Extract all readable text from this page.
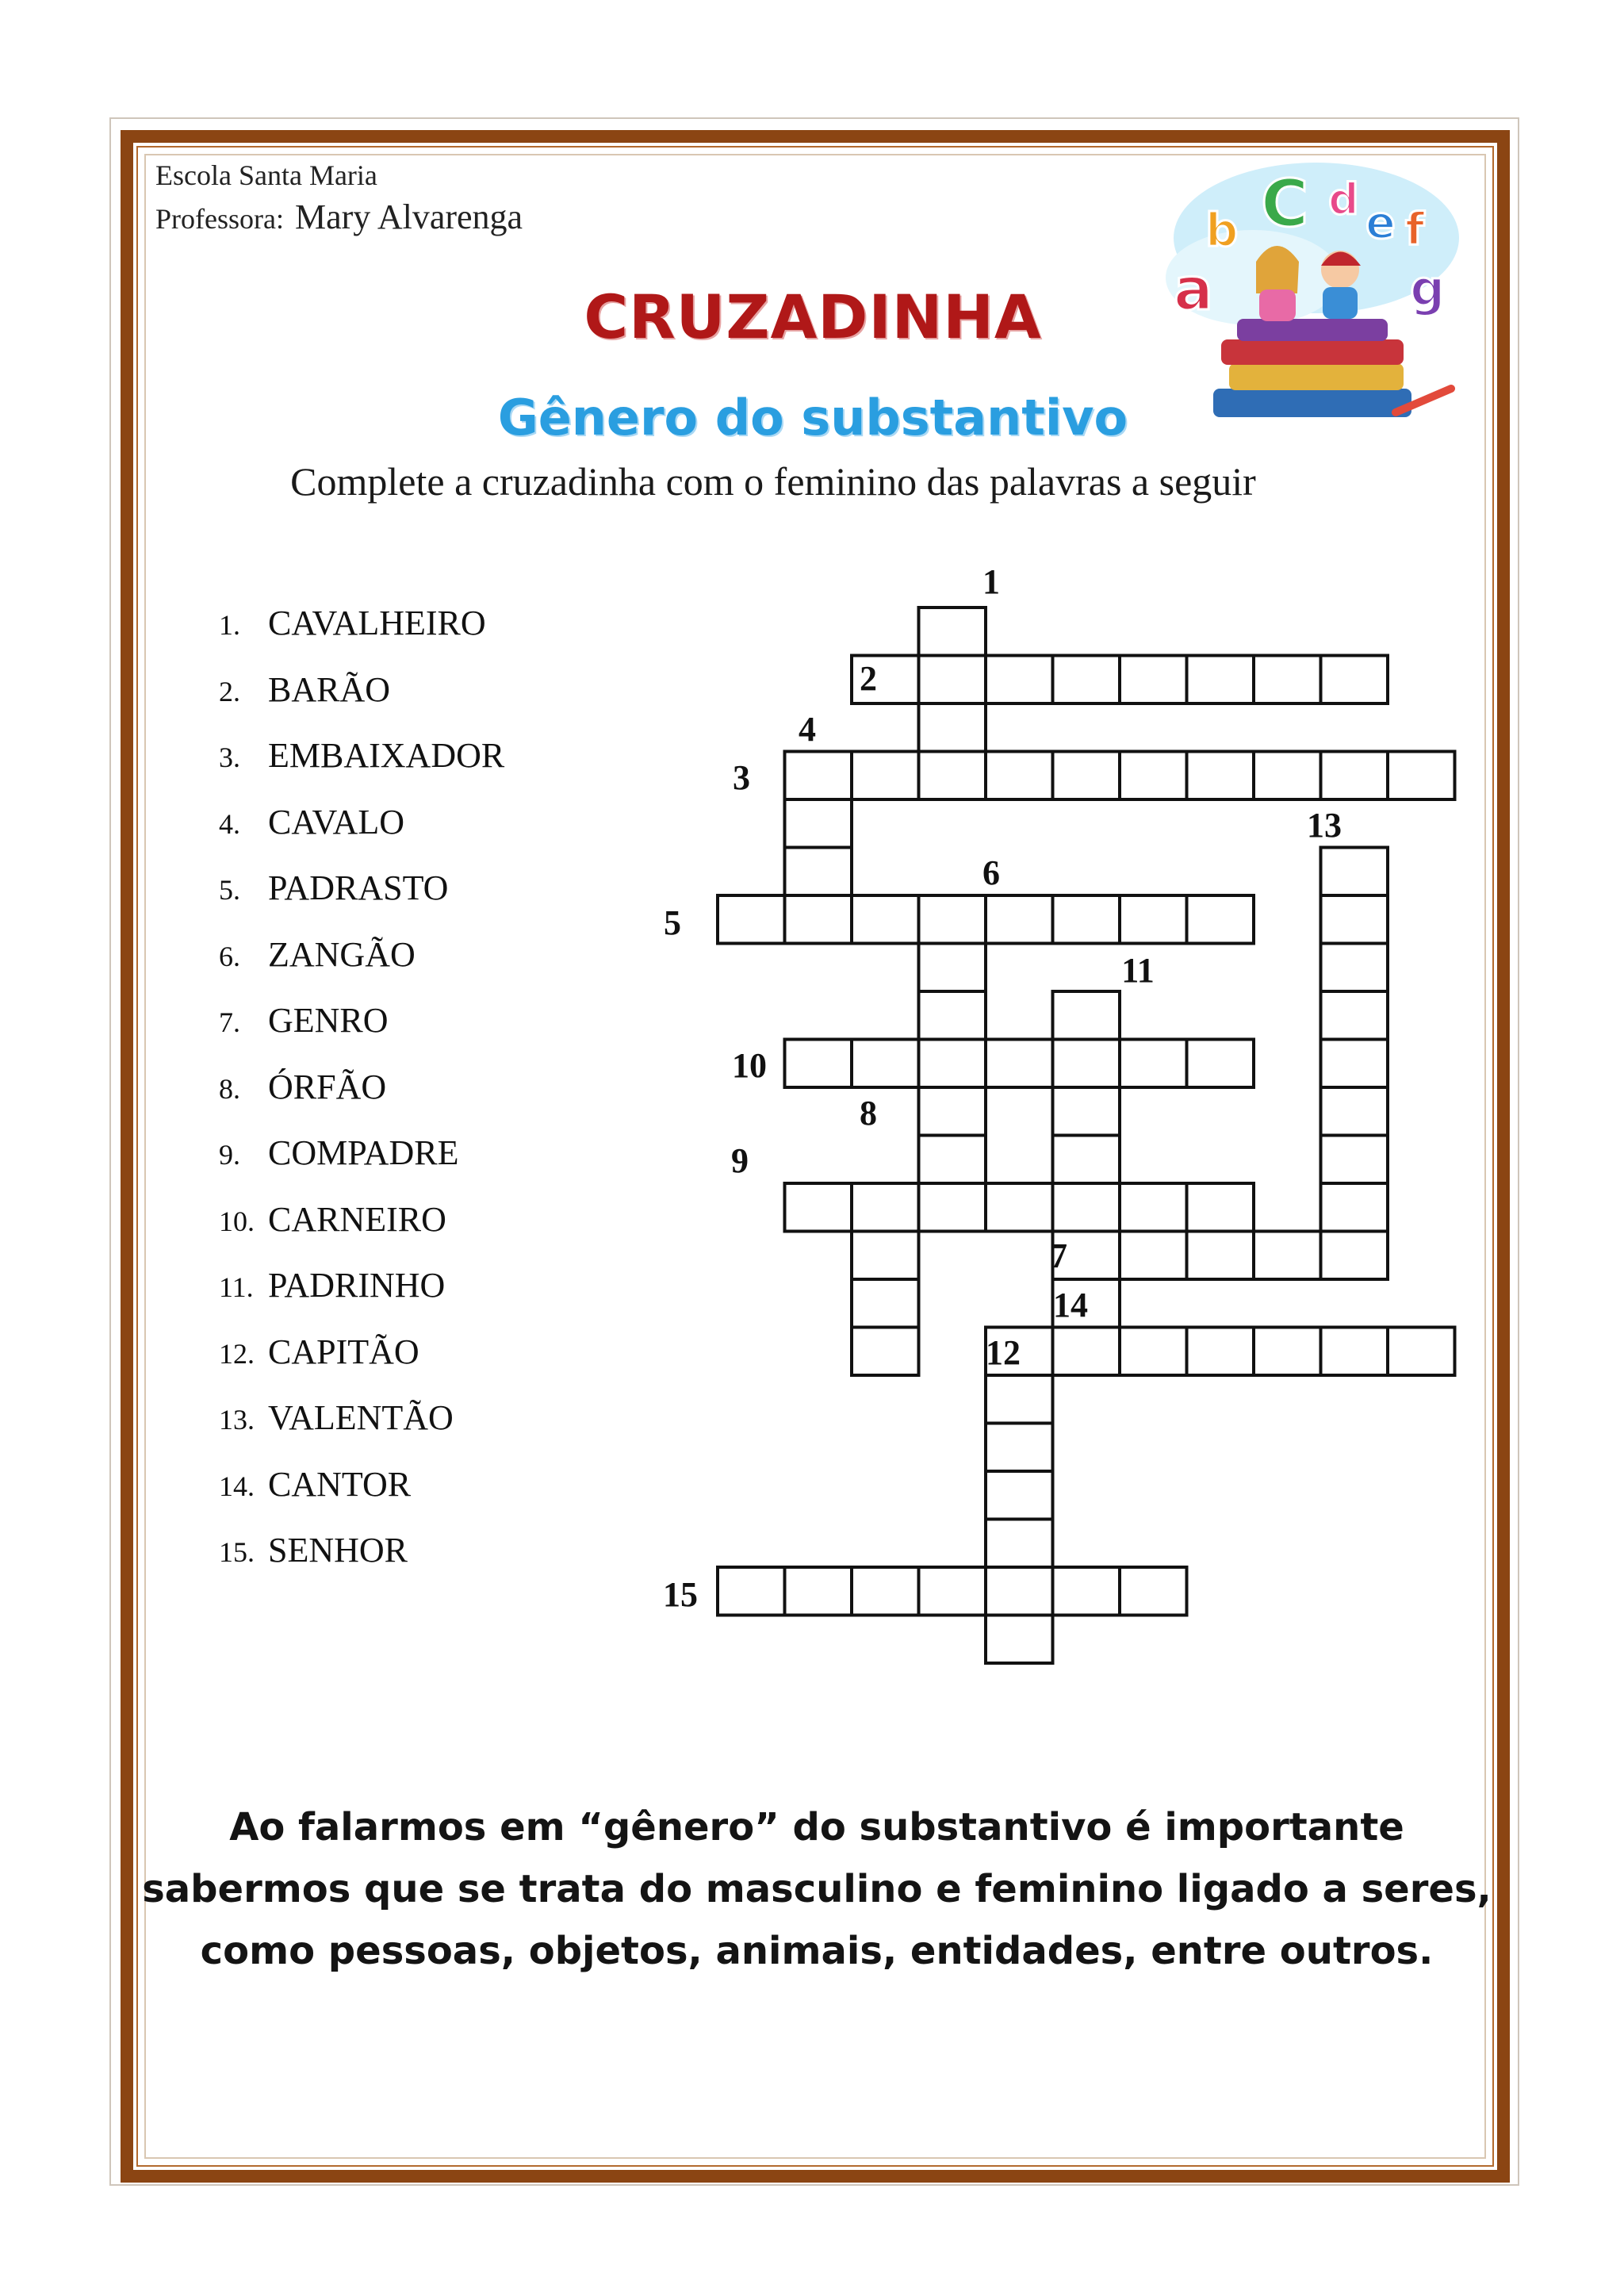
Escola Santa Maria
Professora: Mary Alvarenga
a
b C d e f
g
CRUZADINHA
Gênero do substantivo
Complete a cruzadinha com o feminino das palavras a seguir
1. CAVALHEIRO
2. BARÃO
3. EMBAIXADOR
4. CAVALO
5. PADRASTO
6. ZANGÃO
7. GENRO
8. ÓRFÃO
9. COMPADRE
10. CARNEIRO
11. PADRINHO
12. CAPITÃO
13. VALENTÃO
14. CANTOR
15. SENHOR
1
2
3
4
5
6
7
8
9
10
11
12
13
14
15
Ao falarmos em “gênero” do substantivo é importante sabermos que se trata do masculino e feminino ligado a seres, como pessoas, objetos, animais, entidades, entre outros.
